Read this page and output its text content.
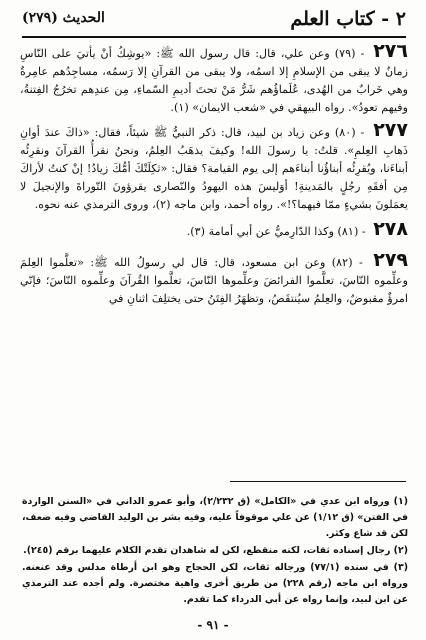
٢ - كتاب العلم
الحديث (٢٧٩)

٢٧٦ - (٧٩) وعن علي، قال: قال رسول الله ﷺ: «يوشِكُ أنْ يأتيَ على النّاسِ زمانٌ لا يبقى من الإسلامِ إلا اسمُه، ولا يبقى من القرآنِ إلا رَسمُه، مساجِدُهم عامِرةٌ وهي خَرابٌ من الهُدى، عُلَماؤُهم شَرُّ مَنْ تحتَ أديمِ السّماءِ، مِن عندِهم تخرُجُ الفِتنةُ، وفيهم تعودُ». رواه البيهقي في «شعب الايمان» (١).

٢٧٧ - (٨٠) وعن زياد بن لبيد، قال: ذكر النبيُّ ﷺ شيئاً، فقال: «ذاكَ عندَ أوانِ ذَهابِ العِلمِ». قلتُ: يا رسولَ الله! وكيفَ يذهَبُ العِلمُ، ونحنُ نقرأُ القرآنَ ونقرِئُه أبناءَنا، ويُقرِئُه أبناؤُنا أبناءَهم إلى يوم القيامة؟ فقال: «ثكِلَتْكَ أمُّكَ زيادُ! إنْ كنتُ لأراكَ مِن أفقَهِ رجُلٍ بالمَدينةِ! أوَليسَ هذه اليهودُ والنّصارى يقرؤونَ التّوراةَ والإنجيلَ لا يعمَلونَ بشيءٍ ممّا فيهما؟!». رواه أحمد، وابن ماجه (٢)، وروى الترمذي عنه نحوه.

٢٧٨ - (٨١) وكذا الدّارِميُّ عن أبي أمامة (٣).

٢٧٩ - (٨٢) وعن ابن مسعود، قال: قال لي رسولُ الله ﷺ: «تعلَّموا العِلمَ وعلِّموه النّاسَ، تعلَّموا الفرائضَ وعلِّموها النّاسَ، تعلَّموا القُرآنَ وعلِّموه النّاسَ؛ فإنّي امرؤٌ مقبوضٌ، والعِلمُ سيُنتقَصُ، وتظهَرُ الفِتَنُ حتى يختلِفَ اثنانِ في

(١) ورواه ابن عدي في «الكامل» (ق ٢/٢٣٢)، وأبو عمرو الداني في «السنن الواردة في الفتن» (ق ١/١٢) عن علي موقوفاً عليه، وفيه بشر بن الوليد القاضي وفيه ضعف، لكن قد شاع وكثر.

(٢) رجال إسناده ثقات، لكنه منقطع، لكن له شاهدان تقدم الكلام عليهما برقم (٢٤٥).

(٣) في سنده (٧٧/١) ورجاله ثقات، لكن الحجاج وهو ابن أرطاة مدلس وقد عنعنه. ورواه ابن ماجه (رقم ٢٢٨) من طريق أخرى واهية مختصرة. ولم أجده عند الترمذي عن ابن لبيد، وإنما رواه عن أبي الدرداء كما تقدم.

- ٩١ -
